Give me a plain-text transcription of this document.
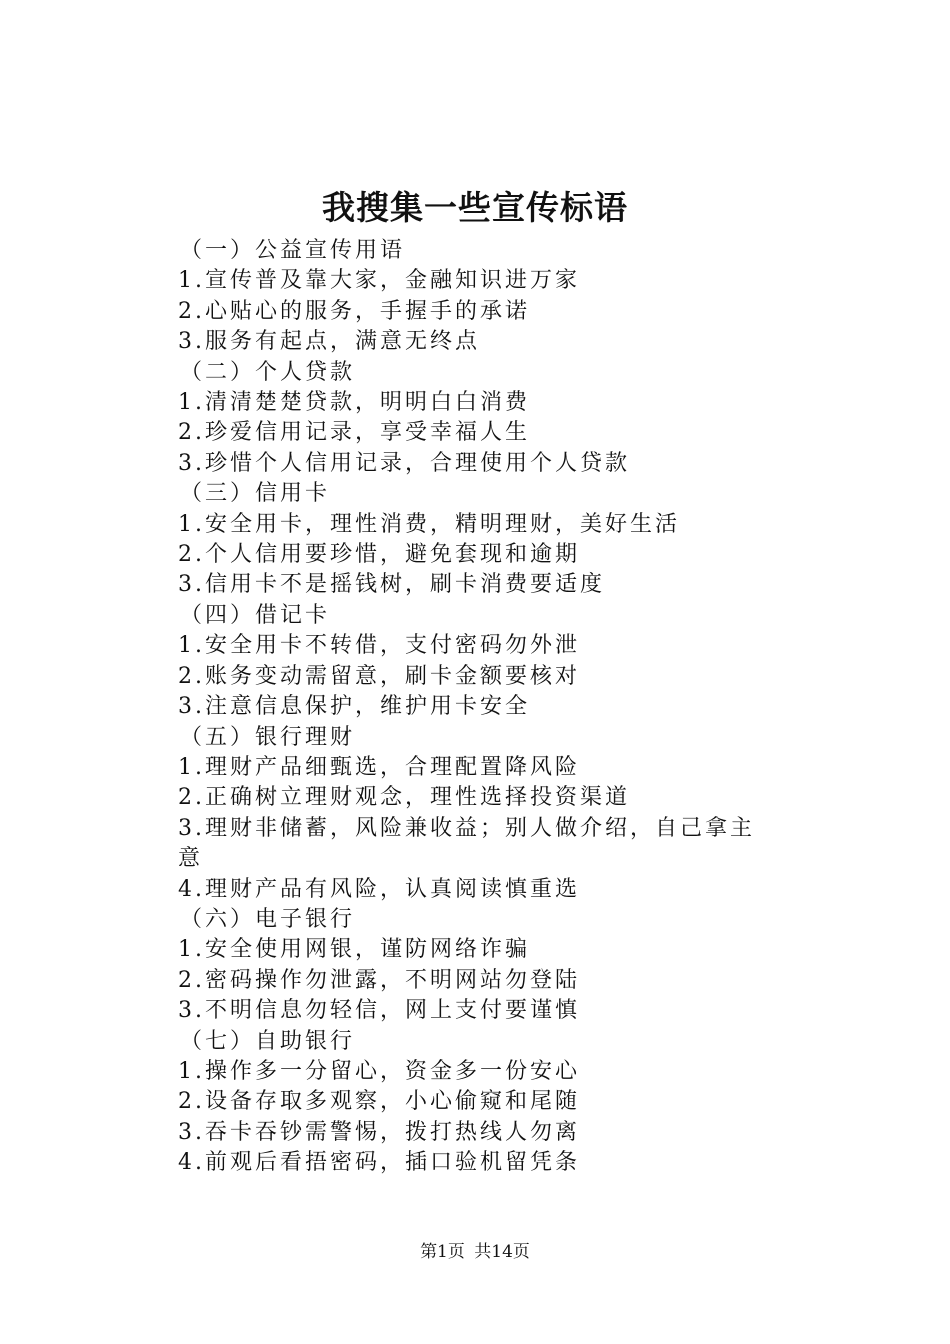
我搜集一些宣传标语
（一）公益宣传用语
1.宣传普及靠大家，金融知识进万家
2.心贴心的服务，手握手的承诺
3.服务有起点，满意无终点
（二）个人贷款
1.清清楚楚贷款，明明白白消费
2.珍爱信用记录，享受幸福人生
3.珍惜个人信用记录，合理使用个人贷款
（三）信用卡
1.安全用卡，理性消费，精明理财，美好生活
2.个人信用要珍惜，避免套现和逾期
3.信用卡不是摇钱树，刷卡消费要适度
（四）借记卡
1.安全用卡不转借，支付密码勿外泄
2.账务变动需留意，刷卡金额要核对
3.注意信息保护，维护用卡安全
（五）银行理财
1.理财产品细甄选，合理配置降风险
2.正确树立理财观念，理性选择投资渠道
3.理财非储蓄，风险兼收益；别人做介绍，自己拿主意
4.理财产品有风险，认真阅读慎重选
（六）电子银行
1.安全使用网银，谨防网络诈骗
2.密码操作勿泄露，不明网站勿登陆
3.不明信息勿轻信，网上支付要谨慎
（七）自助银行
1.操作多一分留心，资金多一份安心
2.设备存取多观察，小心偷窥和尾随
3.吞卡吞钞需警惕，拨打热线人勿离
4.前观后看捂密码，插口验机留凭条
第1页 共14页
